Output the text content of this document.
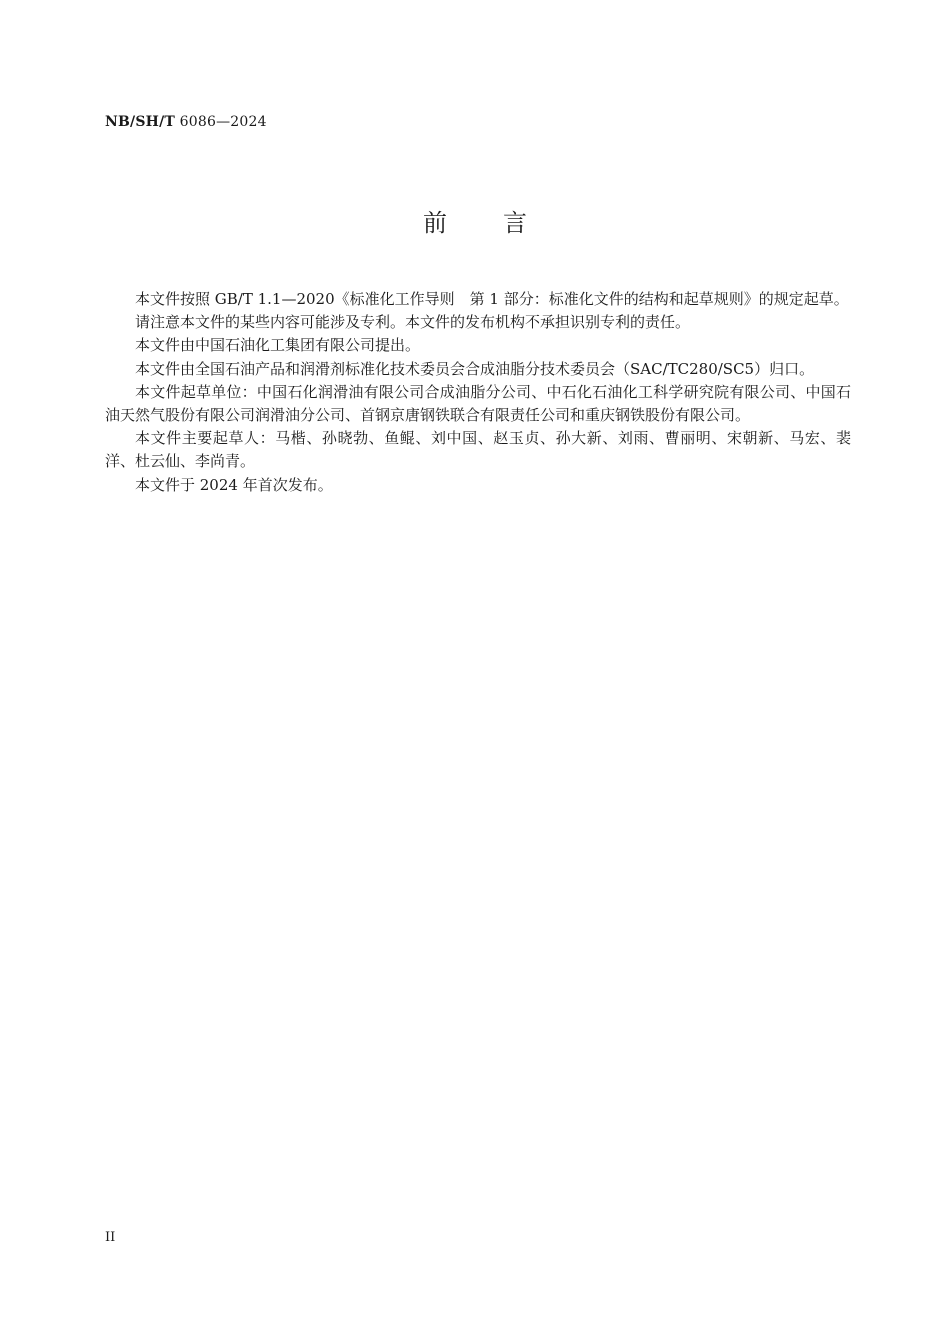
NB/SH/T 6086—2024
前言

本文件按照 GB/T 1.1—2020《标准化工作导则　第 1 部分：标准化文件的结构和起草规则》的规定起草。

请注意本文件的某些内容可能涉及专利。本文件的发布机构不承担识别专利的责任。

本文件由中国石油化工集团有限公司提出。

本文件由全国石油产品和润滑剂标准化技术委员会合成油脂分技术委员会（SAC/TC280/SC5）归口。

本文件起草单位：中国石化润滑油有限公司合成油脂分公司、中石化石油化工科学研究院有限公司、中国石油天然气股份有限公司润滑油分公司、首钢京唐钢铁联合有限责任公司和重庆钢铁股份有限公司。

本文件主要起草人：马楷、孙晓勃、鱼鲲、刘中国、赵玉贞、孙大新、刘雨、曹丽明、宋朝新、马宏、裴洋、杜云仙、李尚青。

本文件于 2024 年首次发布。

II
